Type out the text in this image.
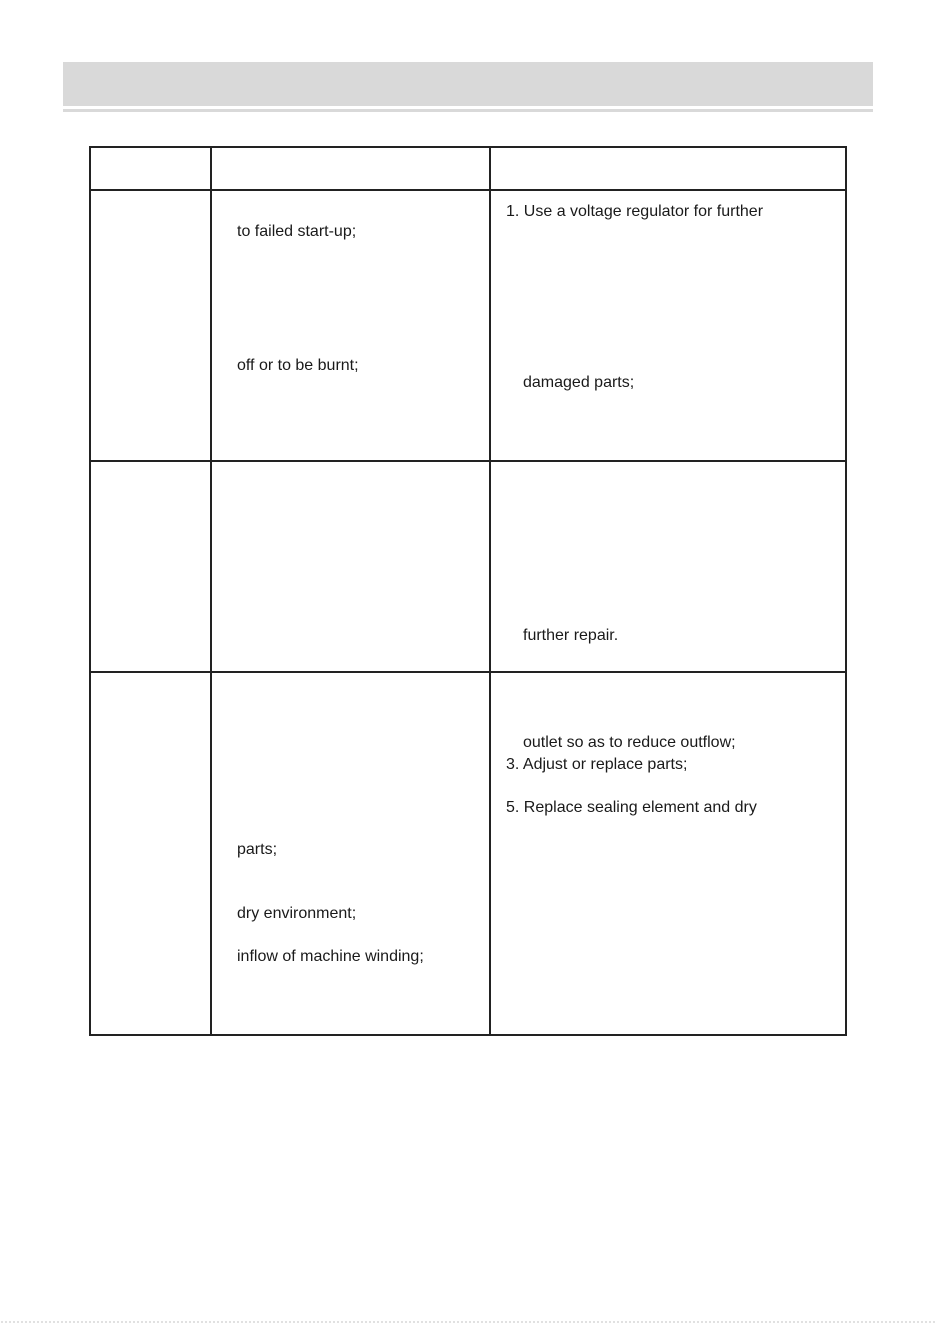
to failed start-up;
off or to be burnt;
1. Use a voltage regulator for further
damaged parts;
further repair.
parts;
dry environment;
inflow of machine winding;
outlet so as to reduce outflow;
3. Adjust or replace parts;
5. Replace sealing element and dry
